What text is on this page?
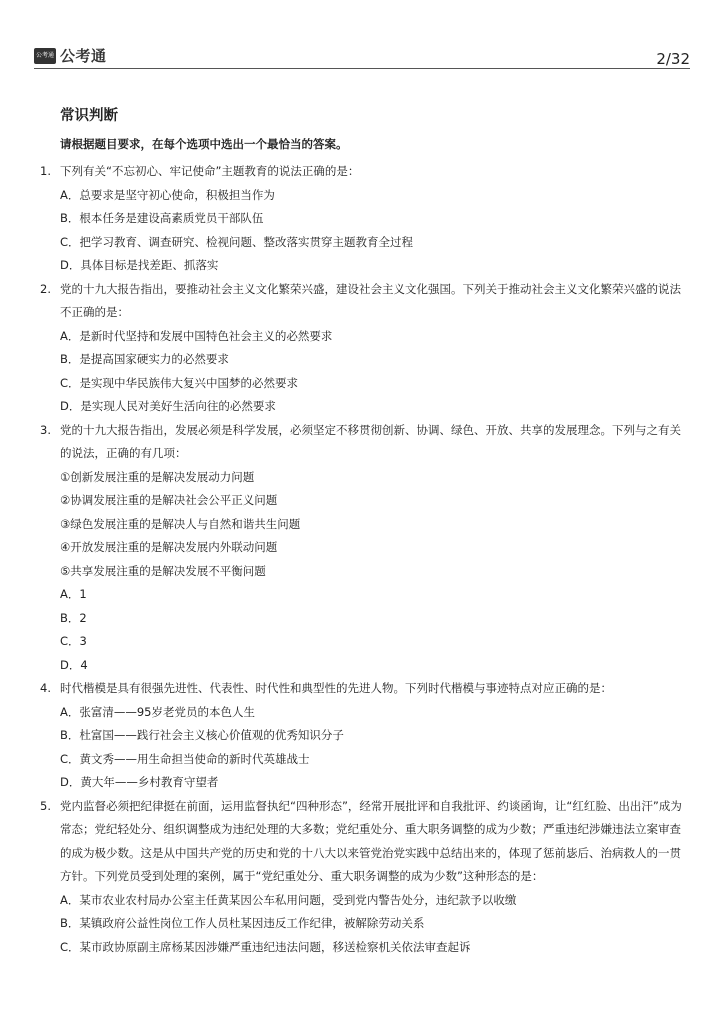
公考通 公考通	2/32
常识判断
请根据题目要求，在每个选项中选出一个最恰当的答案。
1. 下列有关“不忘初心、牢记使命”主题教育的说法正确的是：
A．总要求是坚守初心使命，积极担当作为
B．根本任务是建设高素质党员干部队伍
C．把学习教育、调查研究、检视问题、整改落实贯穿主题教育全过程
D．具体目标是找差距、抓落实
2. 党的十九大报告指出，要推动社会主义文化繁荣兴盛，建设社会主义文化强国。下列关于推动社会主义文化繁荣兴盛的说法不正确的是：
A．是新时代坚持和发展中国特色社会主义的必然要求
B．是提高国家硬实力的必然要求
C．是实现中华民族伟大复兴中国梦的必然要求
D．是实现人民对美好生活向往的必然要求
3. 党的十九大报告指出，发展必须是科学发展，必须坚定不移贯彻创新、协调、绿色、开放、共享的发展理念。下列与之有关的说法，正确的有几项：
①创新发展注重的是解决发展动力问题
②协调发展注重的是解决社会公平正义问题
③绿色发展注重的是解决人与自然和谐共生问题
④开放发展注重的是解决发展内外联动问题
⑤共享发展注重的是解决发展不平衡问题
A．1
B．2
C．3
D．4
4. 时代楷模是具有很强先进性、代表性、时代性和典型性的先进人物。下列时代楷模与事迹特点对应正确的是：
A．张富清——95岁老党员的本色人生
B．杜富国——践行社会主义核心价值观的优秀知识分子
C．黄文秀——用生命担当使命的新时代英雄战士
D．黄大年——乡村教育守望者
5. 党内监督必须把纪律挺在前面，运用监督执纪“四种形态”，经常开展批评和自我批评、约谈函询，让“红红脸、出出汗”成为常态；党纪轻处分、组织调整成为违纪处理的大多数；党纪重处分、重大职务调整的成为少数；严重违纪涉嫌违法立案审查的成为极少数。这是从中国共产党的历史和党的十八大以来管党治党实践中总结出来的，体现了惩前毖后、治病救人的一贯方针。下列党员受到处理的案例，属于“党纪重处分、重大职务调整的成为少数”这种形态的是：
A．某市农业农村局办公室主任黄某因公车私用问题，受到党内警告处分，违纪款予以收缴
B．某镇政府公益性岗位工作人员杜某因违反工作纪律，被解除劳动关系
C．某市政协原副主席杨某因涉嫌严重违纪违法问题，移送检察机关依法审查起诉
